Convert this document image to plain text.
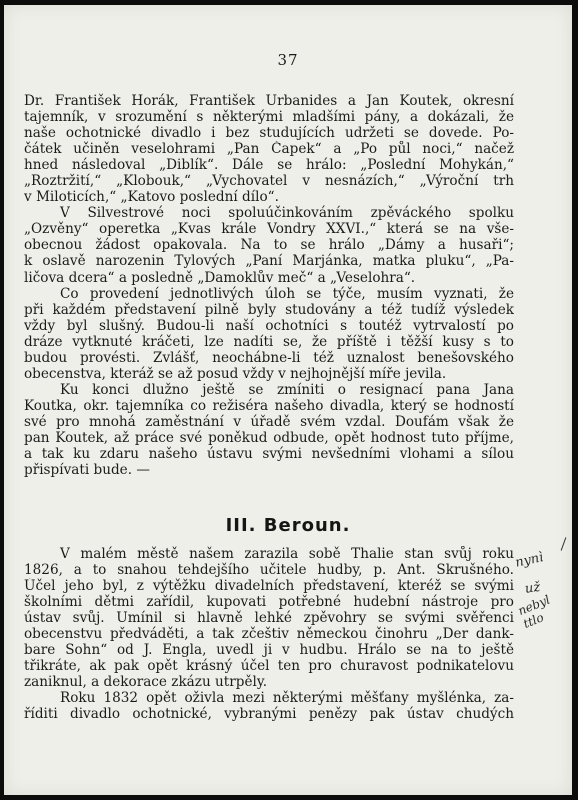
37
Dr. František Horák, František Urbanides a Jan Koutek, okresní
tajemník, v srozumění s některými mladšími pány, a dokázali, že
naše ochotnické divadlo i bez studujících udržeti se dovede. Po-
čátek učiněn veselohrami „Pan Čapek“ a „Po půl noci,“ načež
hned následoval „Diblík“. Dále se hrálo: „Poslední Mohykán,“
„Roztržití,“ „Klobouk,“ „Vychovatel v nesnázích,“ „Výroční trh
v Miloticích,“ „Katovo poslední dílo“.
V Silvestrové noci spoluúčinkováním zpěváckého spolku
„Ozvěny“ operetka „Kvas krále Vondry XXVI.,“ která se na vše-
obecnou žádost opakovala. Na to se hrálo „Dámy a husaři“;
k oslavě narozenin Tylových „Paní Marjánka, matka pluku“, „Pa-
ličova dcera“ a posledně „Damoklův meč“ a „Veselohra“.
Co provedení jednotlivých úloh se týče, musím vyznati, že
při každém představení pilně byly studovány a též tudíž výsledek
vždy byl slušný. Budou-li naší ochotníci s toutéž vytrvalostí po
dráze vytknuté kráčeti, lze nadíti se, že příště i těžší kusy s to
budou provésti. Zvlášť, neochábne-li též uznalost benešovského
obecenstva, kteráž se až posud vždy v nejhojnější míře jevila.
Ku konci dlužno ještě se zmíniti o resignací pana Jana
Koutka, okr. tajemníka co režiséra našeho divadla, který se hodností
své pro mnohá zaměstnání v úřadě svém vzdal. Doufám však že
pan Koutek, až práce své poněkud odbude, opět hodnost tuto příjme,
a tak ku zdaru našeho ústavu svými nevšedními vlohami a sílou
přispívati bude. —
III. Beroun.
V malém městě našem zarazila sobě Thalie stan svůj roku
1826, a to snahou tehdejšího učitele hudby, p. Ant. Skrušného.
Účel jeho byl, z výtěžku divadelních představení, kteréž se svými
školními dětmi zařídil, kupovati potřebné hudební nástroje pro
ústav svůj. Umínil si hlavně lehké zpěvohry se svými svěřenci
obecenstvu předváděti, a tak zčeštiv německou činohru „Der dank-
bare Sohn“ od J. Engla, uvedl ji v hudbu. Hrálo se na to ještě
třikráte, ak pak opět krásný účel ten pro churavost podnikatelovu
zaniknul, a dekorace zkázu utrpěly.
Roku 1832 opět oživla mezi některými měšťany myšlénka, za-
říditi divadlo ochotnické, vybranými penězy pak ústav chudých
nynì
už
nebyl ttlo
